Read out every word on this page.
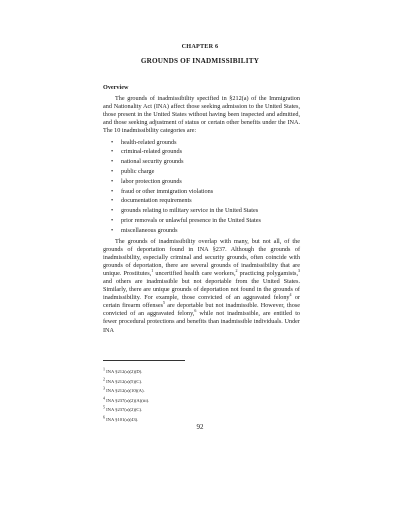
CHAPTER 6
GROUNDS OF INADMISSIBILITY

Overview

The grounds of inadmissibility specified in §212(a) of the Immigration and Nationality Act (INA) affect those seeking admission to the United States, those present in the United States without having been inspected and admitted, and those seeking adjustment of status or certain other benefits under the INA. The 10 inadmissibility categories are:

• health-related grounds
• criminal-related grounds
• national security grounds
• public charge
• labor protection grounds
• fraud or other immigration violations
• documentation requirements
• grounds relating to military service in the United States
• prior removals or unlawful presence in the United States
• miscellaneous grounds

The grounds of inadmissibility overlap with many, but not all, of the grounds of deportation found in INA §237. Although the grounds of inadmissibility, especially criminal and security grounds, often coincide with grounds of deportation, there are several grounds of inadmissibility that are unique. Prostitutes,$^1$ uncertified health care workers,$^2$ practicing polygamists,$^3$ and others are inadmissible but not deportable from the United States. Similarly, there are unique grounds of deportation not found in the grounds of inadmissibility. For example, those convicted of an aggravated felony$^4$ or certain firearm offenses$^5$ are deportable but not inadmissible. However, those convicted of an aggravated felony,$^6$ while not inadmissible, are entitled to fewer procedural protections and benefits than inadmissible individuals. Under INA

$^1$ INA §212(a)(2)(D).
$^2$ INA §212(a)(5)(C).
$^3$ INA §212(a)(10)(A).
$^4$ INA §237(a)(2)(A)(iii).
$^5$ INA §237(a)(2)(C).
$^6$ INA §101(a)(43).
92
